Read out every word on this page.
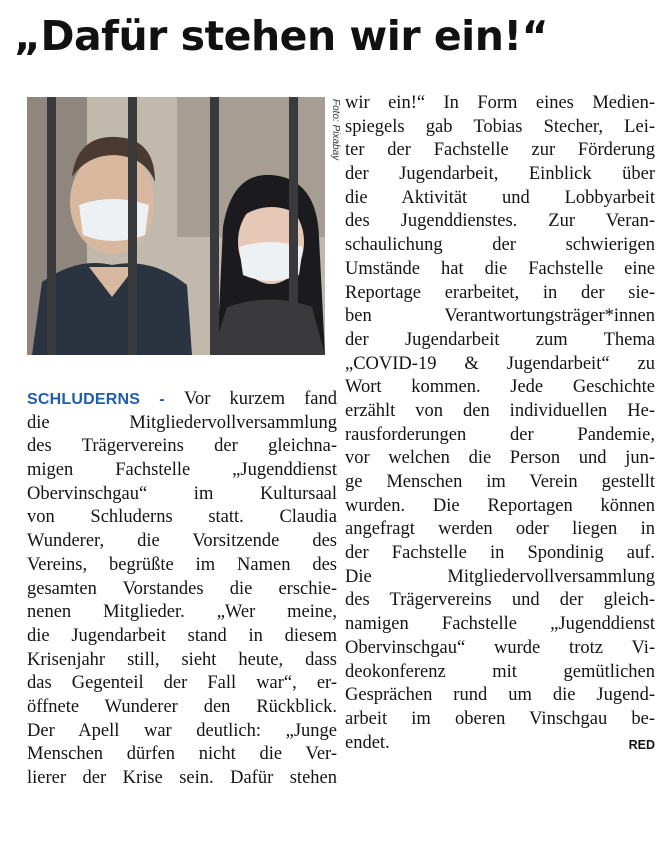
„Dafür stehen wir ein!“
Foto: Pixabay
SCHLUDERNS - Vor kurzem fand
die Mitgliedervollversammlung
des Trägervereins der gleichna-
migen Fachstelle „Jugenddienst
Obervinschgau“ im Kultursaal
von Schluderns statt. Claudia
Wunderer, die Vorsitzende des
Vereins, begrüßte im Namen des
gesamten Vorstandes die erschie-
nenen Mitglieder. „Wer meine,
die Jugendarbeit stand in diesem
Krisenjahr still, sieht heute, dass
das Gegenteil der Fall war“, er-
öffnete Wunderer den Rückblick.
Der Apell war deutlich: „Junge
Menschen dürfen nicht die Ver-
lierer der Krise sein. Dafür stehen
wir ein!“ In Form eines Medien-
spiegels gab Tobias Stecher, Lei-
ter der Fachstelle zur Förderung
der Jugendarbeit, Einblick über
die Aktivität und Lobbyarbeit
des Jugenddienstes. Zur Veran-
schaulichung der schwierigen
Umstände hat die Fachstelle eine
Reportage erarbeitet, in der sie-
ben Verantwortungsträger*innen
der Jugendarbeit zum Thema
„COVID-19 & Jugendarbeit“ zu
Wort kommen. Jede Geschichte
erzählt von den individuellen He-
rausforderungen der Pandemie,
vor welchen die Person und jun-
ge Menschen im Verein gestellt
wurden. Die Reportagen können
angefragt werden oder liegen in
der Fachstelle in Spondinig auf.
Die Mitgliedervollversammlung
des Trägervereins und der gleich-
namigen Fachstelle „Jugenddienst
Obervinschgau“ wurde trotz Vi-
deokonferenz mit gemütlichen
Gesprächen rund um die Jugend-
arbeit im oberen Vinschgau be-
endet.	RED
